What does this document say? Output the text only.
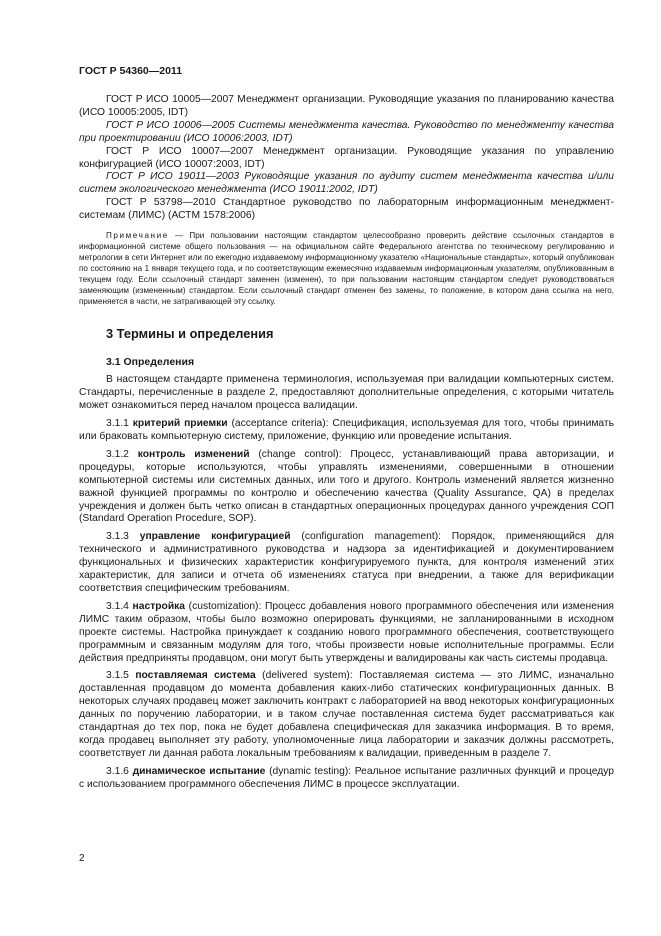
ГОСТ Р 54360—2011

ГОСТ Р ИСО 10005—2007 Менеджмент организации. Руководящие указания по планированию качества (ИСО 10005:2005, IDT)

ГОСТ Р ИСО 10006—2005 Системы менеджмента качества. Руководство по менеджменту качества при проектировании (ИСО 10006:2003, IDT)

ГОСТ Р ИСО 10007—2007 Менеджмент организации. Руководящие указания по управлению конфигурацией (ИСО 10007:2003, IDT)

ГОСТ Р ИСО 19011—2003 Руководящие указания по аудиту систем менеджмента качества и/или систем экологического менеджмента (ИСО 19011:2002, IDT)

ГОСТ Р 53798—2010 Стандартное руководство по лабораторным информационным менеджмент-системам (ЛИМС) (АСТМ 1578:2006)

Примечание — При пользовании настоящим стандартом целесообразно проверить действие ссылочных стандартов в информационной системе общего пользования — на официальном сайте Федерального агентства по техническому регулированию и метрологии в сети Интернет или по ежегодно издаваемому информационному указателю «Национальные стандарты», который опубликован по состоянию на 1 января текущего года, и по соответствующим ежемесячно издаваемым информационным указателям, опубликованным в текущем году. Если ссылочный стандарт заменен (изменен), то при пользовании настоящим стандартом следует руководствоваться заменяющим (измененным) стандартом. Если ссылочный стандарт отменен без замены, то положение, в котором дана ссылка на него, применяется в части, не затрагивающей эту ссылку.

3 Термины и определения
3.1 Определения

В настоящем стандарте применена терминология, используемая при валидации компьютерных систем. Стандарты, перечисленные в разделе 2, предоставляют дополнительные определения, с которыми читатель может ознакомиться перед началом процесса валидации.

3.1.1 критерий приемки (acceptance criteria): Спецификация, используемая для того, чтобы принимать или браковать компьютерную систему, приложение, функцию или проведение испытания.

3.1.2 контроль изменений (change control): Процесс, устанавливающий права авторизации, и процедуры, которые используются, чтобы управлять изменениями, совершенными в отношении компьютерной системы или системных данных, или того и другого. Контроль изменений является жизненно важной функцией программы по контролю и обеспечению качества (Quality Assurance, QA) в пределах учреждения и должен быть четко описан в стандартных операционных процедурах данного учреждения СОП (Standard Operation Procedure, SOP).

3.1.3 управление конфигурацией (configuration management): Порядок, применяющийся для технического и административного руководства и надзора за идентификацией и документированием функциональных и физических характеристик конфигурируемого пункта, для контроля изменений этих характеристик, для записи и отчета об изменениях статуса при внедрении, а также для верификации соответствия специфическим требованиям.

3.1.4 настройка (customization): Процесс добавления нового программного обеспечения или изменения ЛИМС таким образом, чтобы было возможно оперировать функциями, не запланированными в исходном проекте системы. Настройка принуждает к созданию нового программного обеспечения, соответствующего программным и связанным модулям для того, чтобы произвести новые исполнительные программы. Если действия предприняты продавцом, они могут быть утверждены и валидированы как часть системы продавца.

3.1.5 поставляемая система (delivered system): Поставляемая система — это ЛИМС, изначально доставленная продавцом до момента добавления каких-либо статических конфигурационных данных. В некоторых случаях продавец может заключить контракт с лабораторией на ввод некоторых конфигурационных данных по поручению лаборатории, и в таком случае поставленная система будет рассматриваться как стандартная до тех пор, пока не будет добавлена специфическая для заказчика информация. В то время, когда продавец выполняет эту работу, уполномоченные лица лаборатории и заказчик должны рассмотреть, соответствует ли данная работа локальным требованиям к валидации, приведенным в разделе 7.

3.1.6 динамическое испытание (dynamic testing): Реальное испытание различных функций и процедур с использованием программного обеспечения ЛИМС в процессе эксплуатации.

2
